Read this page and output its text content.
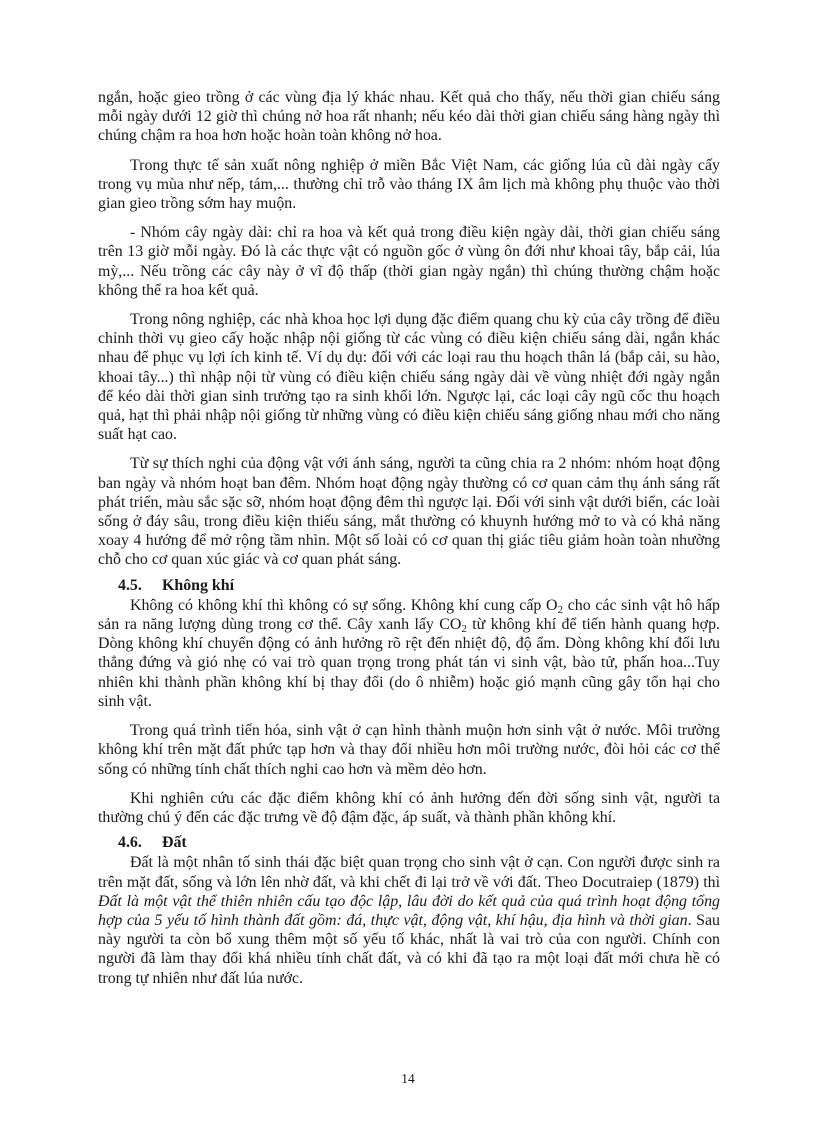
ngắn, hoặc gieo trồng ở các vùng địa lý khác nhau. Kết quả cho thấy, nếu thời gian chiếu sáng mỗi ngày dưới 12 giờ thì chúng nở hoa rất nhanh; nếu kéo dài thời gian chiếu sáng hàng ngày thì chúng chậm ra hoa hơn hoặc hoàn toàn không nở hoa.

Trong thực tế sản xuất nông nghiệp ở miền Bắc Việt Nam, các giống lúa cũ dài ngày cấy trong vụ mùa như nếp, tám,... thường chỉ trỗ vào tháng IX âm lịch mà không phụ thuộc vào thời gian gieo trồng sớm hay muộn.

- Nhóm cây ngày dài: chỉ ra hoa và kết quả trong điều kiện ngày dài, thời gian chiếu sáng trên 13 giờ mỗi ngày. Đó là các thực vật có nguồn gốc ở vùng ôn đới như khoai tây, bắp cải, lúa mỳ,... Nếu trồng các cây này ở vĩ độ thấp (thời gian ngày ngắn) thì chúng thường chậm hoặc không thể ra hoa kết quả.

Trong nông nghiệp, các nhà khoa học lợi dụng đặc điểm quang chu kỳ của cây trồng để điều chỉnh thời vụ gieo cấy hoặc nhập nội giống từ các vùng có điều kiện chiếu sáng dài, ngắn khác nhau để phục vụ lợi ích kinh tế. Ví dụ dụ: đối với các loại rau thu hoạch thân lá (bắp cải, su hào, khoai tây...) thì nhập nội từ vùng có điều kiện chiếu sáng ngày dài về vùng nhiệt đới ngày ngắn để kéo dài thời gian sinh trưởng tạo ra sinh khối lớn. Ngược lại, các loại cây ngũ cốc thu hoạch quả, hạt thì phải nhập nội giống từ những vùng có điều kiện chiếu sáng giống nhau mới cho năng suất hạt cao.

Từ sự thích nghi của động vật với ánh sáng, người ta cũng chia ra 2 nhóm: nhóm hoạt động ban ngày và nhóm hoạt ban đêm. Nhóm hoạt động ngày thường có cơ quan cảm thụ ánh sáng rất phát triển, màu sắc sặc sỡ, nhóm hoạt động đêm thì ngược lại. Đối với sinh vật dưới biển, các loài sống ở đáy sâu, trong điều kiện thiếu sáng, mắt thường có khuynh hướng mở to và có khả năng xoay 4 hướng để mở rộng tầm nhìn. Một số loài có cơ quan thị giác tiêu giảm hoàn toàn nhường chỗ cho cơ quan xúc giác và cơ quan phát sáng.

4.5. Không khí

Không có không khí thì không có sự sống. Không khí cung cấp $O_2$ cho các sinh vật hô hấp sản ra năng lượng dùng trong cơ thể. Cây xanh lấy $CO_2$ từ không khí để tiến hành quang hợp. Dòng không khí chuyển động có ảnh hưởng rõ rệt đến nhiệt độ, độ ẩm. Dòng không khí đối lưu thẳng đứng và gió nhẹ có vai trò quan trọng trong phát tán vi sinh vật, bào tử, phấn hoa...Tuy nhiên khi thành phần không khí bị thay đổi (do ô nhiễm) hoặc gió mạnh cũng gây tổn hại cho sinh vật.

Trong quá trình tiến hóa, sinh vật ở cạn hình thành muộn hơn sinh vật ở nước. Môi trường không khí trên mặt đất phức tạp hơn và thay đổi nhiều hơn môi trường nước, đòi hỏi các cơ thể sống có những tính chất thích nghi cao hơn và mềm dẻo hơn.

Khi nghiên cứu các đặc điểm không khí có ảnh hưởng đến đời sống sinh vật, người ta thường chú ý đến các đặc trưng về độ đậm đặc, áp suất, và thành phần không khí.

4.6. Đất

Đất là một nhân tố sinh thái đặc biệt quan trọng cho sinh vật ở cạn. Con người được sinh ra trên mặt đất, sống và lớn lên nhờ đất, và khi chết đi lại trở về với đất. Theo Docutraiep (1879) thì Đất là một vật thể thiên nhiên cấu tạo độc lập, lâu đời do kết quả của quá trình hoạt động tổng hợp của 5 yếu tố hình thành đất gồm: đá, thực vật, động vật, khí hậu, địa hình và thời gian. Sau này người ta còn bổ xung thêm một số yếu tố khác, nhất là vai trò của con người. Chính con người đã làm thay đổi khá nhiều tính chất đất, và có khi đã tạo ra một loại đất mới chưa hề có trong tự nhiên như đất lúa nước.

14
